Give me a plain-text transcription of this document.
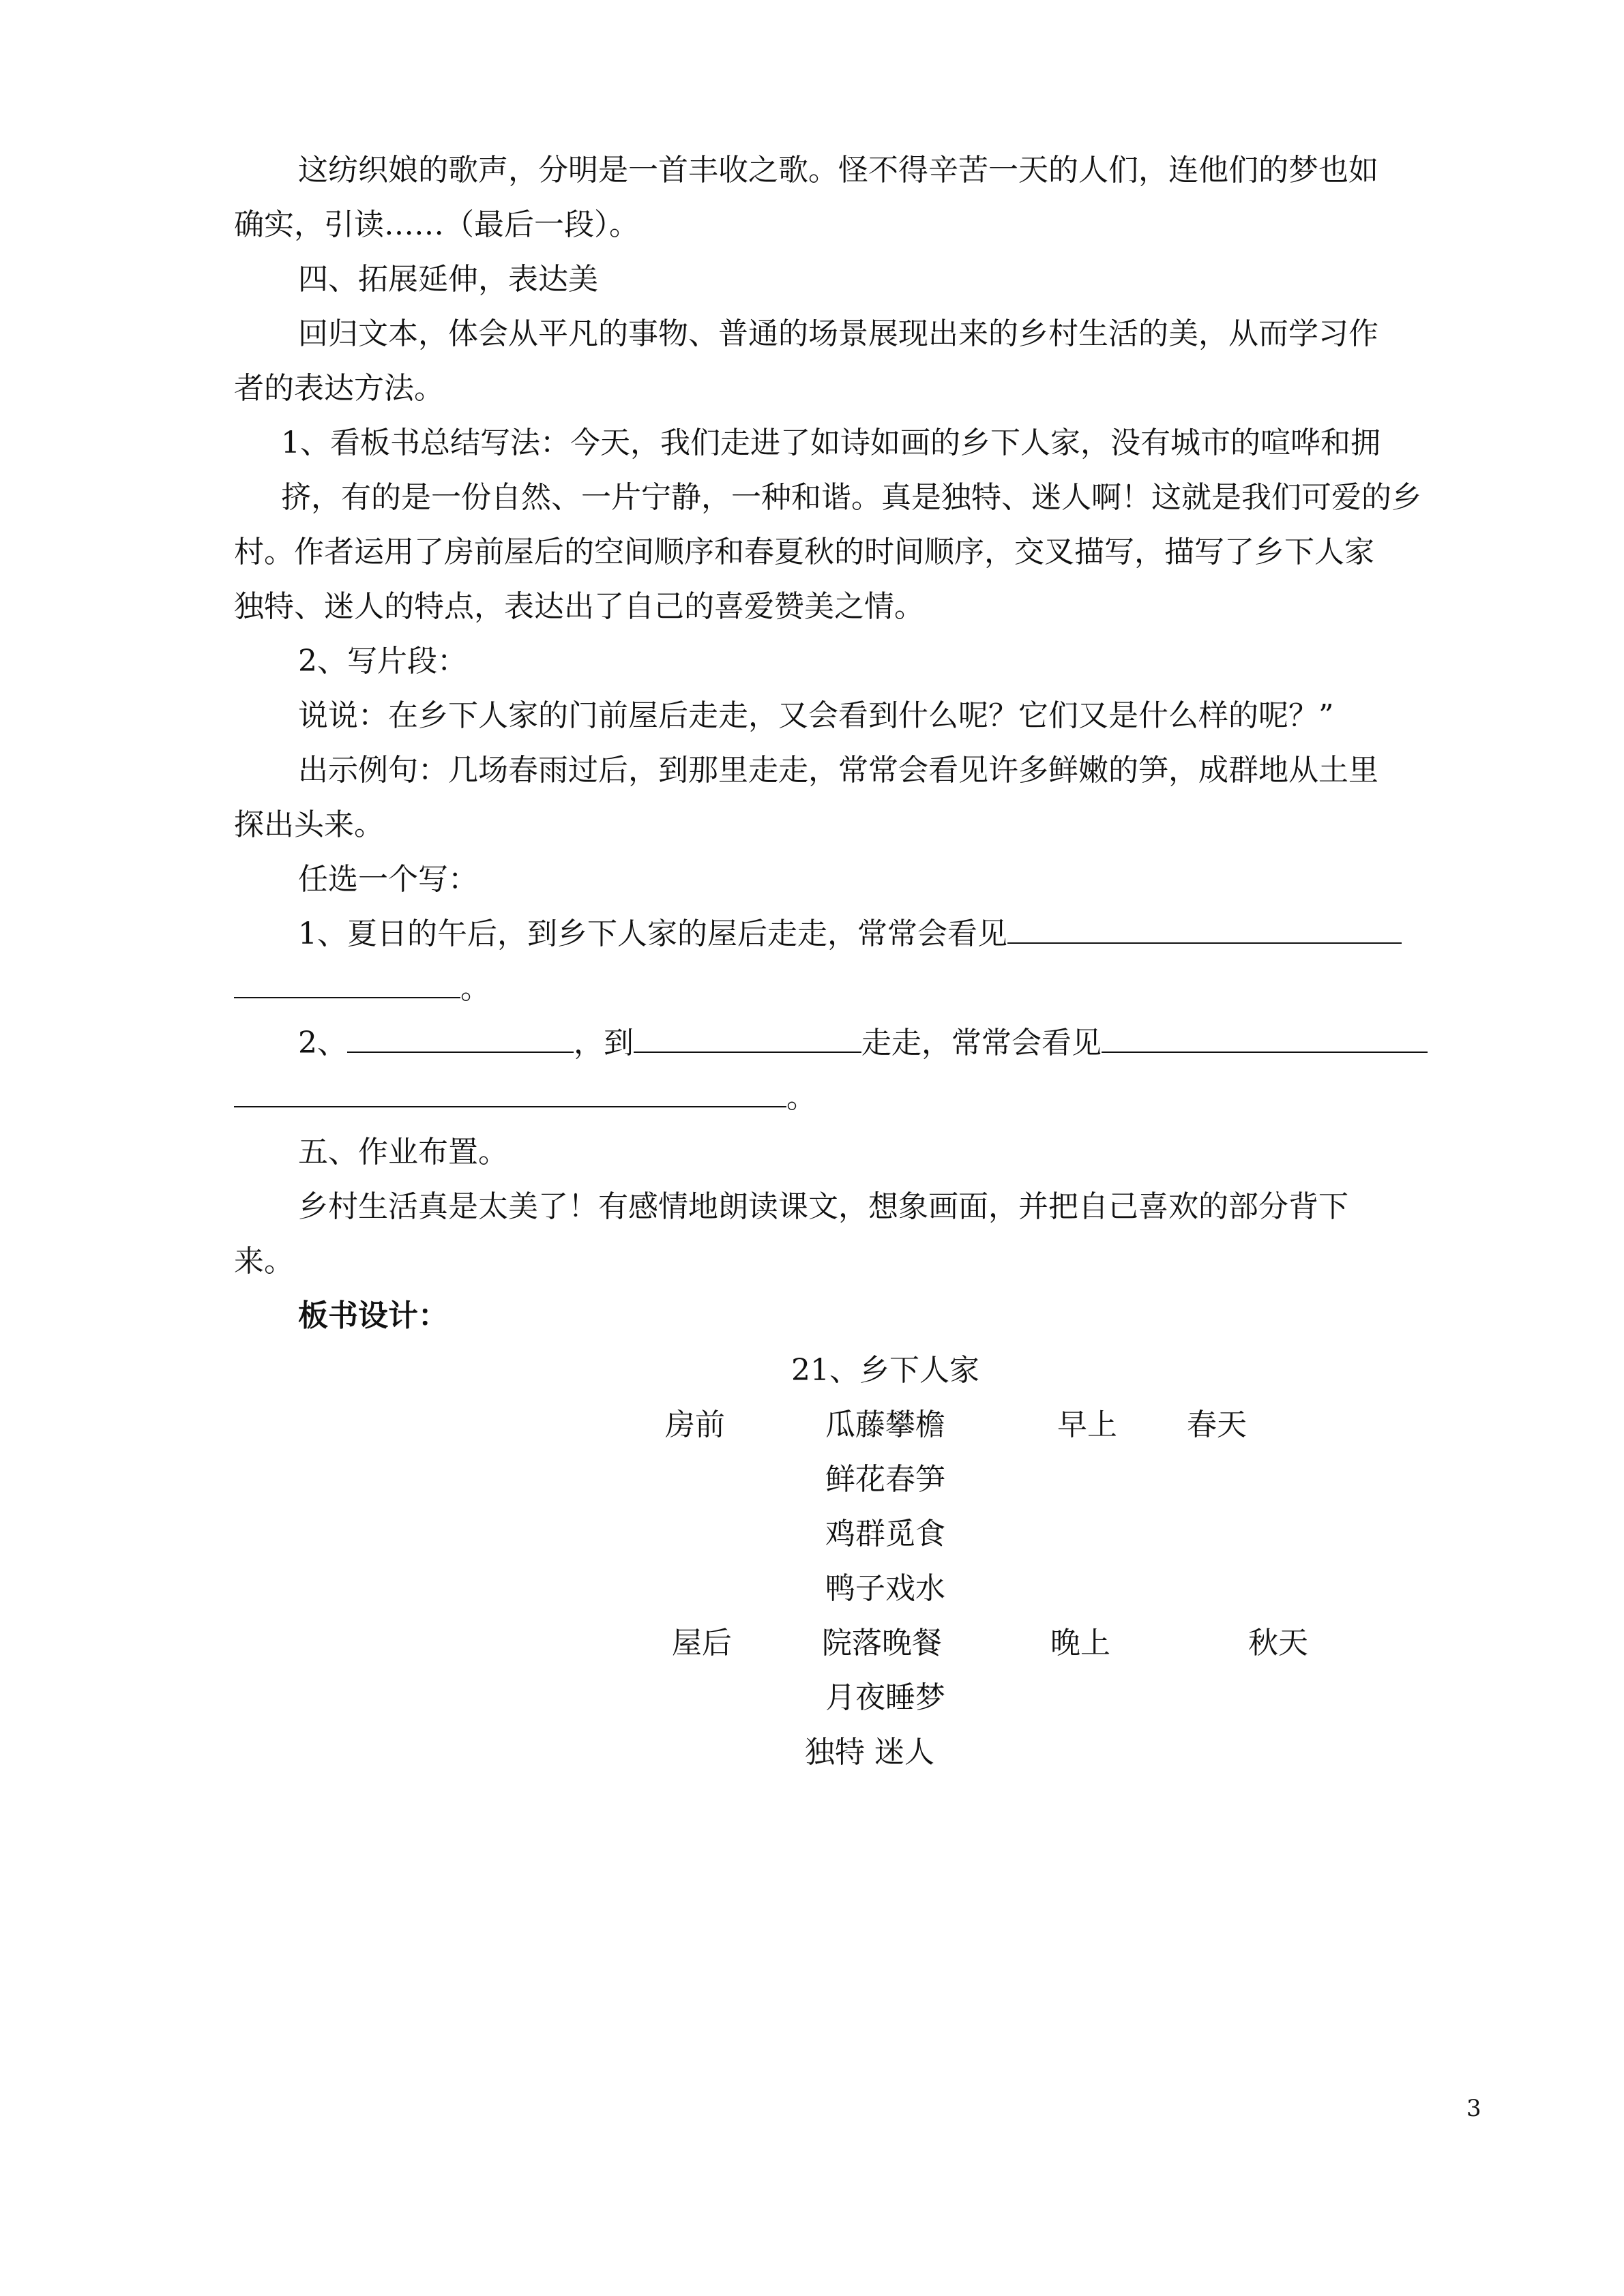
这纺织娘的歌声，分明是一首丰收之歌。怪不得辛苦一天的人们，连他们的梦也如
确实，引读……（最后一段）。
四、拓展延伸，表达美
回归文本，体会从平凡的事物、普通的场景展现出来的乡村生活的美，从而学习作
者的表达方法。
1、看板书总结写法：今天，我们走进了如诗如画的乡下人家，没有城市的喧哗和拥
挤，有的是一份自然、一片宁静，一种和谐。真是独特、迷人啊！这就是我们可爱的乡
村。作者运用了房前屋后的空间顺序和春夏秋的时间顺序，交叉描写，描写了乡下人家
独特、迷人的特点，表达出了自己的喜爱赞美之情。
2、写片段：
说说：在乡下人家的门前屋后走走，又会看到什么呢？它们又是什么样的呢？”
出示例句：几场春雨过后，到那里走走，常常会看见许多鲜嫩的笋，成群地从土里
探出头来。
任选一个写：
1、夏日的午后，到乡下人家的屋后走走，常常会看见
。
2、	，到	走走，常常会看见
。
五、作业布置。
乡村生活真是太美了！有感情地朗读课文，想象画面，并把自己喜欢的部分背下
来。
板书设计：
21、乡下人家
房前	瓜藤攀檐	早上 春天
鲜花春笋
鸡群觅食
鸭子戏水
屋后	院落晚餐	晚上	秋天
月夜睡梦
独特 迷人
3
